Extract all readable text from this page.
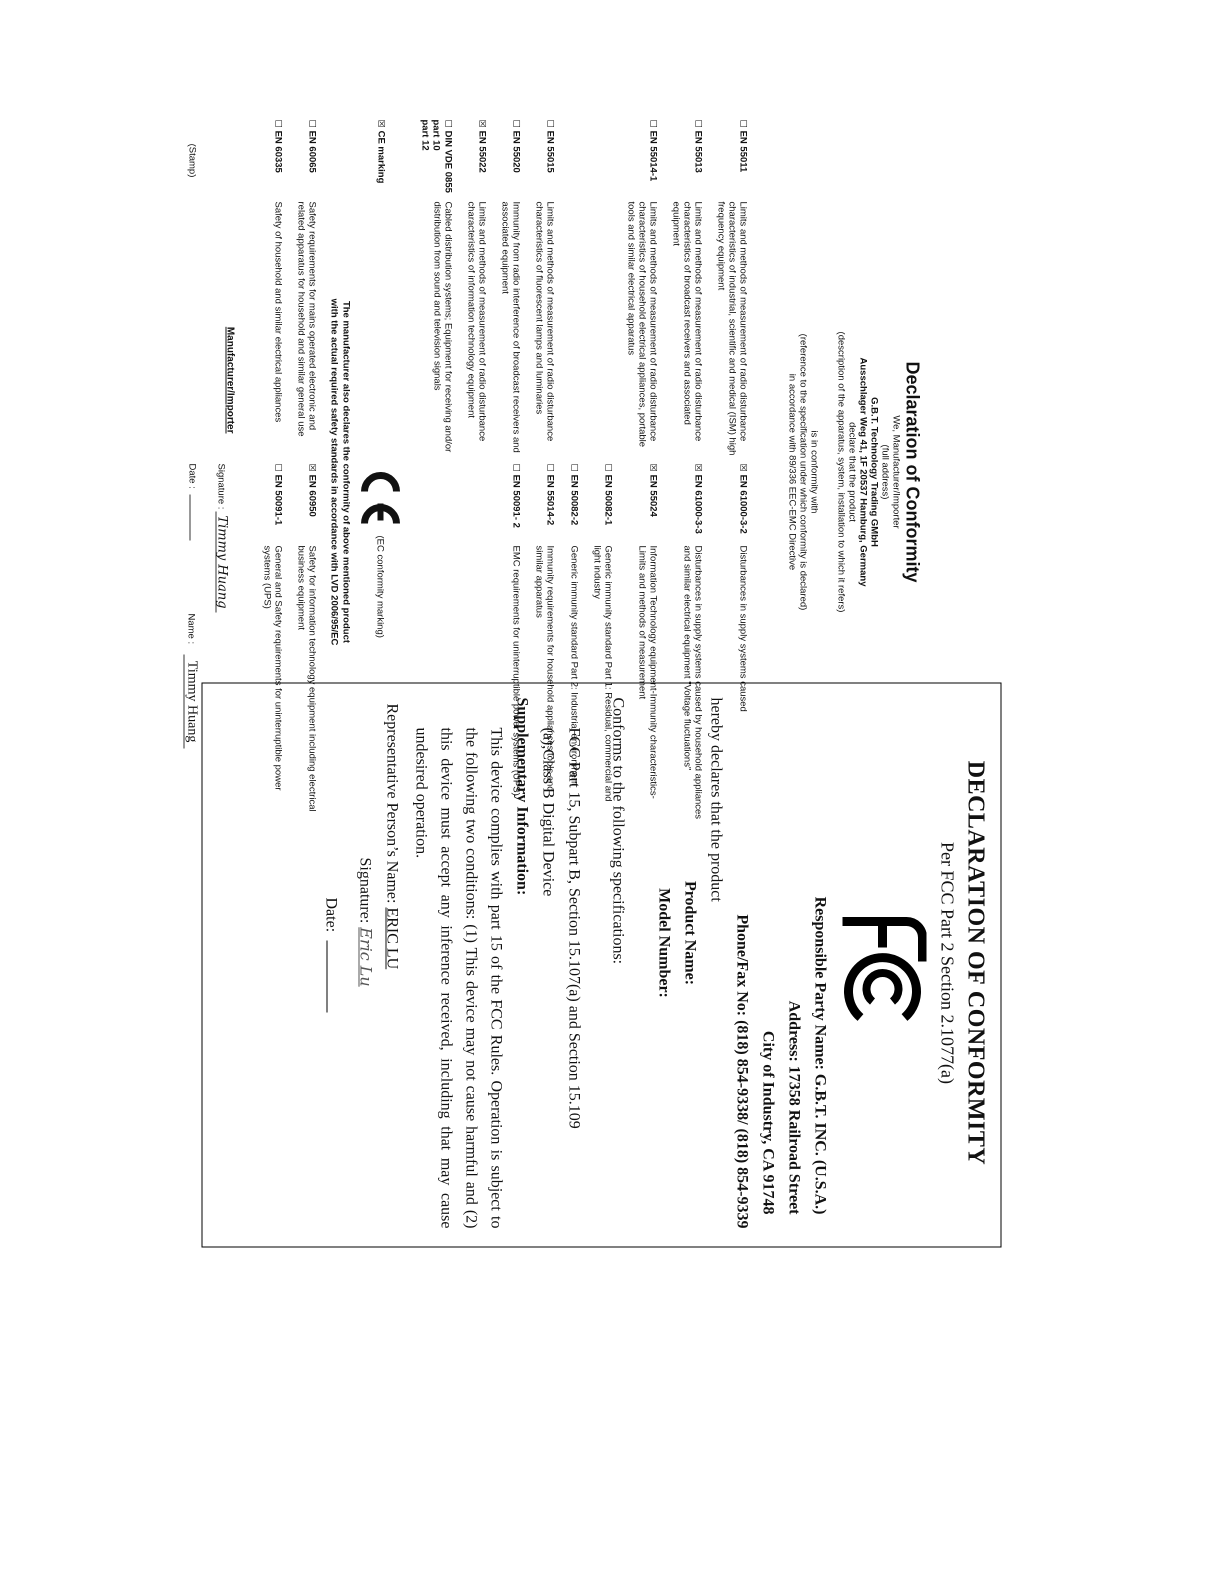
Declaration of Conformity
We, Manufacturer/Importer
(full address)
G.B.T. Technology Trading GMbH
Ausschlager Weg 41, 1F 20537 Hamburg, Germany
declare that the product
(description of the apparatus, system, installation to which it refers)
is in conformity with
(reference to the specification under which conformity is declared)
in accordance with 89/336 EEC-EMC Directive
☐EN 55011
Limits and methods of measurement of radio disturbance characteristics of industrial, scientific and medical (ISM) high frequency equipment
☒EN 61000-3-2
Disturbances in supply systems caused
☐EN 55013
Limits and methods of measurement of radio disturbance characteristics of broadcast receivers and associated equipment
☒EN 61000-3-3
Disturbances in supply systems caused by household appliances and similar electrical equipment "Voltage fluctuations"
☐EN 55014-1
Limits and methods of measurement of radio disturbance characteristics of household electrical appliances, portable tools and similar electrical apparatus
☒EN 55024
Information Technology equipment-Immunity characteristics-Limits and methods of measurement
☐EN 50082-1
Generic immunity standard Part 1: Residual, commercial and light industry
☐EN 50082-2
Generic immunity standard Part 2: Industrial environment
☐EN 55015
Limits and methods of measurement of radio disturbance characteristics of fluorescent lamps and luminaries
☐EN 55014-2
Immunity requirements for household appliances tools and similar apparatus
☐EN 55020
Immunity from radio interference of broadcast receivers and associated equipment
☐EN 50091- 2
EMC requirements for uninterruptible power systems (UPS)
☒EN 55022
Limits and methods of measurement of radio disturbance characteristics of information technology equipment
☐DIN VDE 0855
part 10
part 12
Cabled distribution systems; Equipment for receiving and/or distribution from sound and television signals
☒CE marking
(EC conformity marking)
The manufacturer also declares the conformity of above mentioned product
with the actual required safety standards in accordance with LVD 2006/95/EC
☐EN 60065
Safety requirements for mains operated electronic and related apparatus for household and similar general use
☒EN 60950
Safety for information technology equipment including electrical business equipment
☐EN 60335
Safety of household and similar electrical appliances
☐EN 50091-1
General and Safety requirements for uninterruptible power systems (UPS)
Manufacturer/Importer
Signature :
Timmy Huang
(Stamp)
Date :
Name : Timmy Huang
DECLARATION OF CONFORMITY
Per FCC Part 2 Section 2.1077(a)
Responsible Party Name: G.B.T. INC. (U.S.A.)
Address: 17358 Railroad Street
City of Industry, CA 91748
Phone/Fax No: (818) 854-9338/ (818) 854-9339
hereby declares that the product
Product Name:
Model Number:
Conforms to the following specifications:
FCC Part 15, Subpart B, Section 15.107(a) and Section 15.109
(a),Class B Digital Device
Supplementary Information:
This device complies with part 15 of the FCC Rules. Operation is subject to the following two conditions: (1) This device may not cause harmful and (2) this device must accept any inference received, including that may cause undesired operation.
Representative Person’s Name: ERIC LU
Signature: Eric Lu
Date:
